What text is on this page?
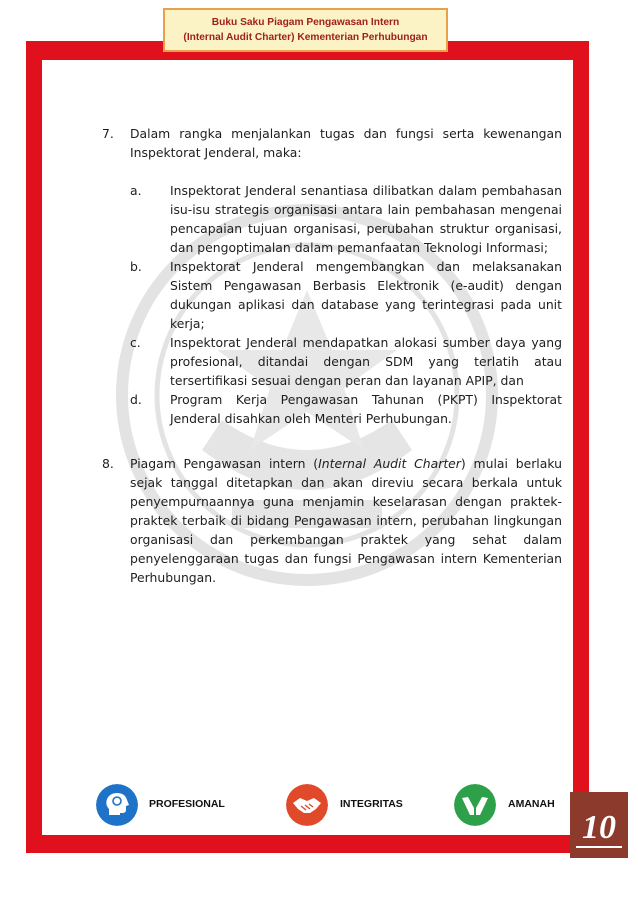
Buku Saku Piagam Pengawasan Intern
(Internal Audit Charter) Kementerian Perhubungan
7. Dalam rangka menjalankan tugas dan fungsi serta kewenangan Inspektorat Jenderal, maka:
a. Inspektorat Jenderal senantiasa dilibatkan dalam pembahasan isu-isu strategis organisasi antara lain pembahasan mengenai pencapaian tujuan organisasi, perubahan struktur organisasi, dan pengoptimalan dalam pemanfaatan Teknologi Informasi;
b. Inspektorat Jenderal mengembangkan dan melaksanakan Sistem Pengawasan Berbasis Elektronik (e-audit) dengan dukungan aplikasi dan database yang terintegrasi pada unit kerja;
c. Inspektorat Jenderal mendapatkan alokasi sumber daya yang profesional, ditandai dengan SDM yang terlatih atau tersertifikasi sesuai dengan peran dan layanan APIP, dan
d. Program Kerja Pengawasan Tahunan (PKPT) Inspektorat Jenderal disahkan oleh Menteri Perhubungan.
8. Piagam Pengawasan intern (Internal Audit Charter) mulai berlaku sejak tanggal ditetapkan dan akan direviu secara berkala untuk penyempurnaannya guna menjamin keselarasan dengan praktek-praktek terbaik di bidang Pengawasan intern, perubahan lingkungan organisasi dan perkembangan praktek yang sehat dalam penyelenggaraan tugas dan fungsi Pengawasan intern Kementerian Perhubungan.
PROFESIONAL	INTEGRITAS	AMANAH
10
